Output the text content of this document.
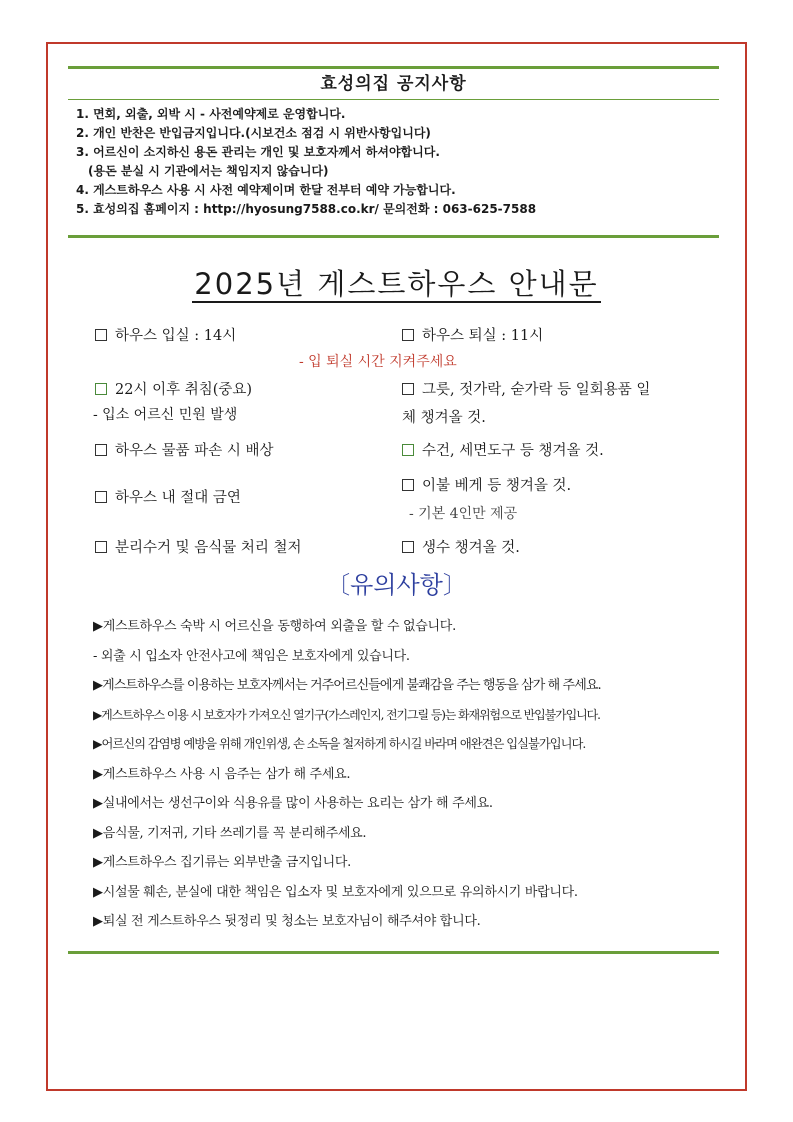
효성의집 공지사항
1. 면회, 외출, 외박 시 - 사전예약제로 운영합니다.
2. 개인 반찬은 반입금지입니다.(시보건소 점검 시 위반사항입니다)
3. 어르신이 소지하신 용돈 관리는 개인 및 보호자께서 하셔야합니다.
(용돈 분실 시 기관에서는 책임지지 않습니다)
4. 게스트하우스 사용 시 사전 예약제이며 한달 전부터 예약 가능합니다.
5. 효성의집 홈페이지 : http://hyosung7588.co.kr/ 문의전화 : 063-625-7588
2025년 게스트하우스 안내문
하우스 입실 : 14시	하우스 퇴실 : 11시
- 입 퇴실 시간 지켜주세요
22시 이후 취침(중요)
- 입소 어르신 민원 발생
그릇, 젓가락, 숟가락 등 일회용품 일
체 챙겨올 것.
하우스 물품 파손 시 배상	수건, 세면도구 등 챙겨올 것.
하우스 내 절대 금연
이불 베게 등 챙겨올 것.
- 기본 4인만 제공
분리수거 및 음식물 처리 철저	생수 챙겨올 것.
〔유의사항〕
▶게스트하우스 숙박 시 어르신을 동행하여 외출을 할 수 없습니다.
- 외출 시 입소자 안전사고에 책임은 보호자에게 있습니다.
▶게스트하우스를 이용하는 보호자께서는 거주어르신들에게 불쾌감을 주는 행동을 삼가 해 주세요.
▶게스트하우스 이용 시 보호자가 가져오신 열기구(가스레인지, 전기그릴 등)는 화재위험으로 반입불가입니다.
▶어르신의 감염병 예방을 위해 개인위생, 손 소독을 철저하게 하시길 바라며 애완견은 입실불가입니다.
▶게스트하우스 사용 시 음주는 삼가 해 주세요.
▶실내에서는 생선구이와 식용유를 많이 사용하는 요리는 삼가 해 주세요.
▶음식물, 기저귀, 기타 쓰레기를 꼭 분리해주세요.
▶게스트하우스 집기류는 외부반출 금지입니다.
▶시설물 훼손, 분실에 대한 책임은 입소자 및 보호자에게 있으므로 유의하시기 바랍니다.
▶퇴실 전 게스트하우스 뒷정리 및 청소는 보호자님이 해주셔야 합니다.
